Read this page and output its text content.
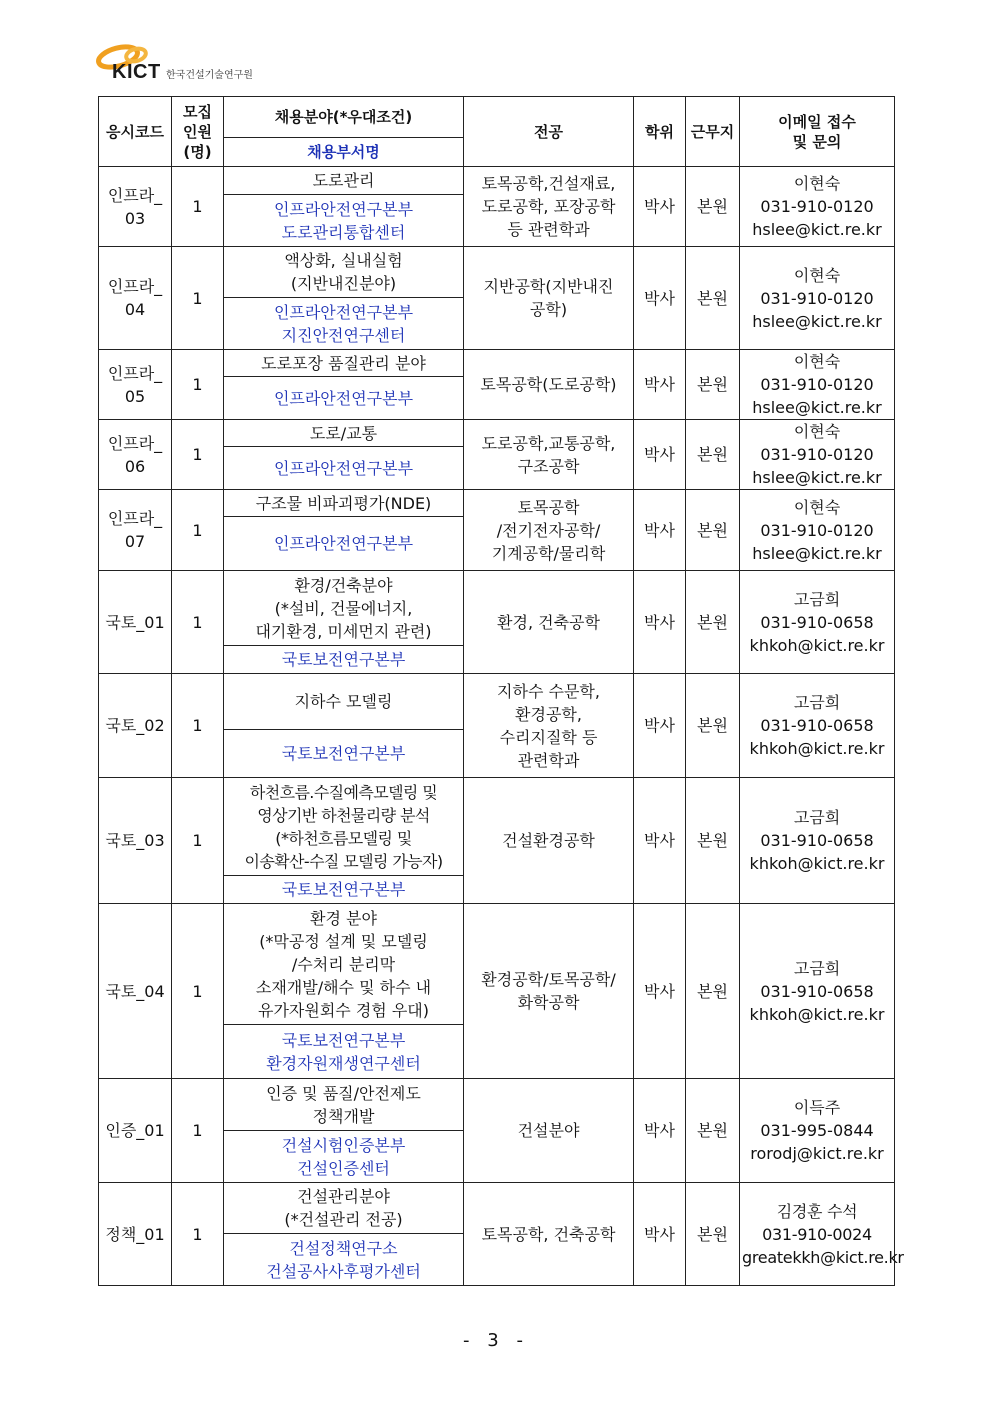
KICT 한국건설기술연구원
응시코드	모집
인원
(명)	채용분야(*우대조건)	전공	학위	근무지	이메일 접수
및 문의
		채용부서명				
인프라_
03	1	도로관리	토목공학,건설재료,
도로공학, 포장공학
등 관련학과	박사	본원	이현숙
031-910-0120
hslee@kict.re.kr
		인프라안전연구본부
도로관리통합센터				
인프라_
04	1	액상화, 실내실험
(지반내진분야)	지반공학(지반내진
공학)	박사	본원	이현숙
031-910-0120
hslee@kict.re.kr
		인프라안전연구본부
지진안전연구센터				
인프라_
05	1	도로포장 품질관리 분야	토목공학(도로공학)	박사	본원	이현숙
031-910-0120
hslee@kict.re.kr
		인프라안전연구본부				
인프라_
06	1	도로/교통	도로공학,교통공학,
구조공학	박사	본원	이현숙
031-910-0120
hslee@kict.re.kr
		인프라안전연구본부				
인프라_
07	1	구조물 비파괴평가(NDE)	토목공학
/전기전자공학/
기계공학/물리학	박사	본원	이현숙
031-910-0120
hslee@kict.re.kr
		인프라안전연구본부				
국토_01	1	환경/건축분야
(*설비, 건물에너지,
대기환경, 미세먼지 관련)	환경, 건축공학	박사	본원	고금희
031-910-0658
khkoh@kict.re.kr
		국토보전연구본부				
국토_02	1	지하수 모델링	지하수 수문학,
환경공학,
수리지질학 등
관련학과	박사	본원	고금희
031-910-0658
khkoh@kict.re.kr
		국토보전연구본부				
국토_03	1	하천흐름.수질예측모델링 및
영상기반 하천물리량 분석
(*하천흐름모델링 및
이송확산-수질 모델링 가능자)	건설환경공학	박사	본원	고금희
031-910-0658
khkoh@kict.re.kr
		국토보전연구본부				
국토_04	1	환경 분야
(*막공정 설계 및 모델링
/수처리 분리막
소재개발/해수 및 하수 내
유가자원회수 경험 우대)	환경공학/토목공학/
화학공학	박사	본원	고금희
031-910-0658
khkoh@kict.re.kr
		국토보전연구본부
환경자원재생연구센터				
인증_01	1	인증 및 품질/안전제도
정책개발	건설분야	박사	본원	이득주
031-995-0844
rorodj@kict.re.kr
		건설시험인증본부
건설인증센터				
정책_01	1	건설관리분야
(*건설관리 전공)	토목공학, 건축공학	박사	본원	김경훈 수석
031-910-0024
greatekkh@kict.re.kr
		건설정책연구소
건설공사사후평가센터				
- 3 -
